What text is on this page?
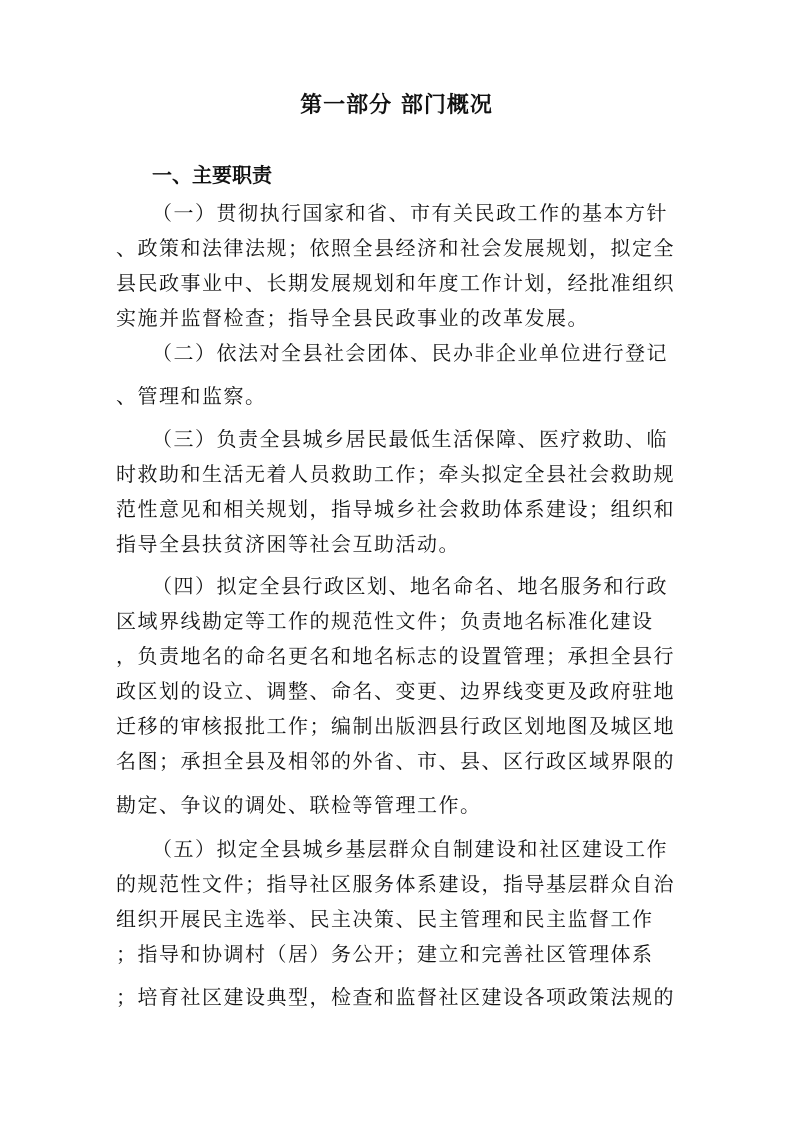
第一部分 部门概况
一、主要职责

（一）贯彻执行国家和省、市有关民政工作的基本方针

、政策和法律法规；依照全县经济和社会发展规划，拟定全

县民政事业中、长期发展规划和年度工作计划，经批准组织

实施并监督检查；指导全县民政事业的改革发展。

（二）依法对全县社会团体、民办非企业单位进行登记

、管理和监察。

（三）负责全县城乡居民最低生活保障、医疗救助、临

时救助和生活无着人员救助工作；牵头拟定全县社会救助规

范性意见和相关规划，指导城乡社会救助体系建设；组织和

指导全县扶贫济困等社会互助活动。

（四）拟定全县行政区划、地名命名、地名服务和行政

区域界线勘定等工作的规范性文件；负责地名标准化建设

，负责地名的命名更名和地名标志的设置管理；承担全县行

政区划的设立、调整、命名、变更、边界线变更及政府驻地

迁移的审核报批工作；编制出版泗县行政区划地图及城区地

名图；承担全县及相邻的外省、市、县、区行政区域界限的

勘定、争议的调处、联检等管理工作。

（五）拟定全县城乡基层群众自制建设和社区建设工作

的规范性文件；指导社区服务体系建设，指导基层群众自治

组织开展民主选举、民主决策、民主管理和民主监督工作

；指导和协调村（居）务公开；建立和完善社区管理体系

；培育社区建设典型，检查和监督社区建设各项政策法规的
